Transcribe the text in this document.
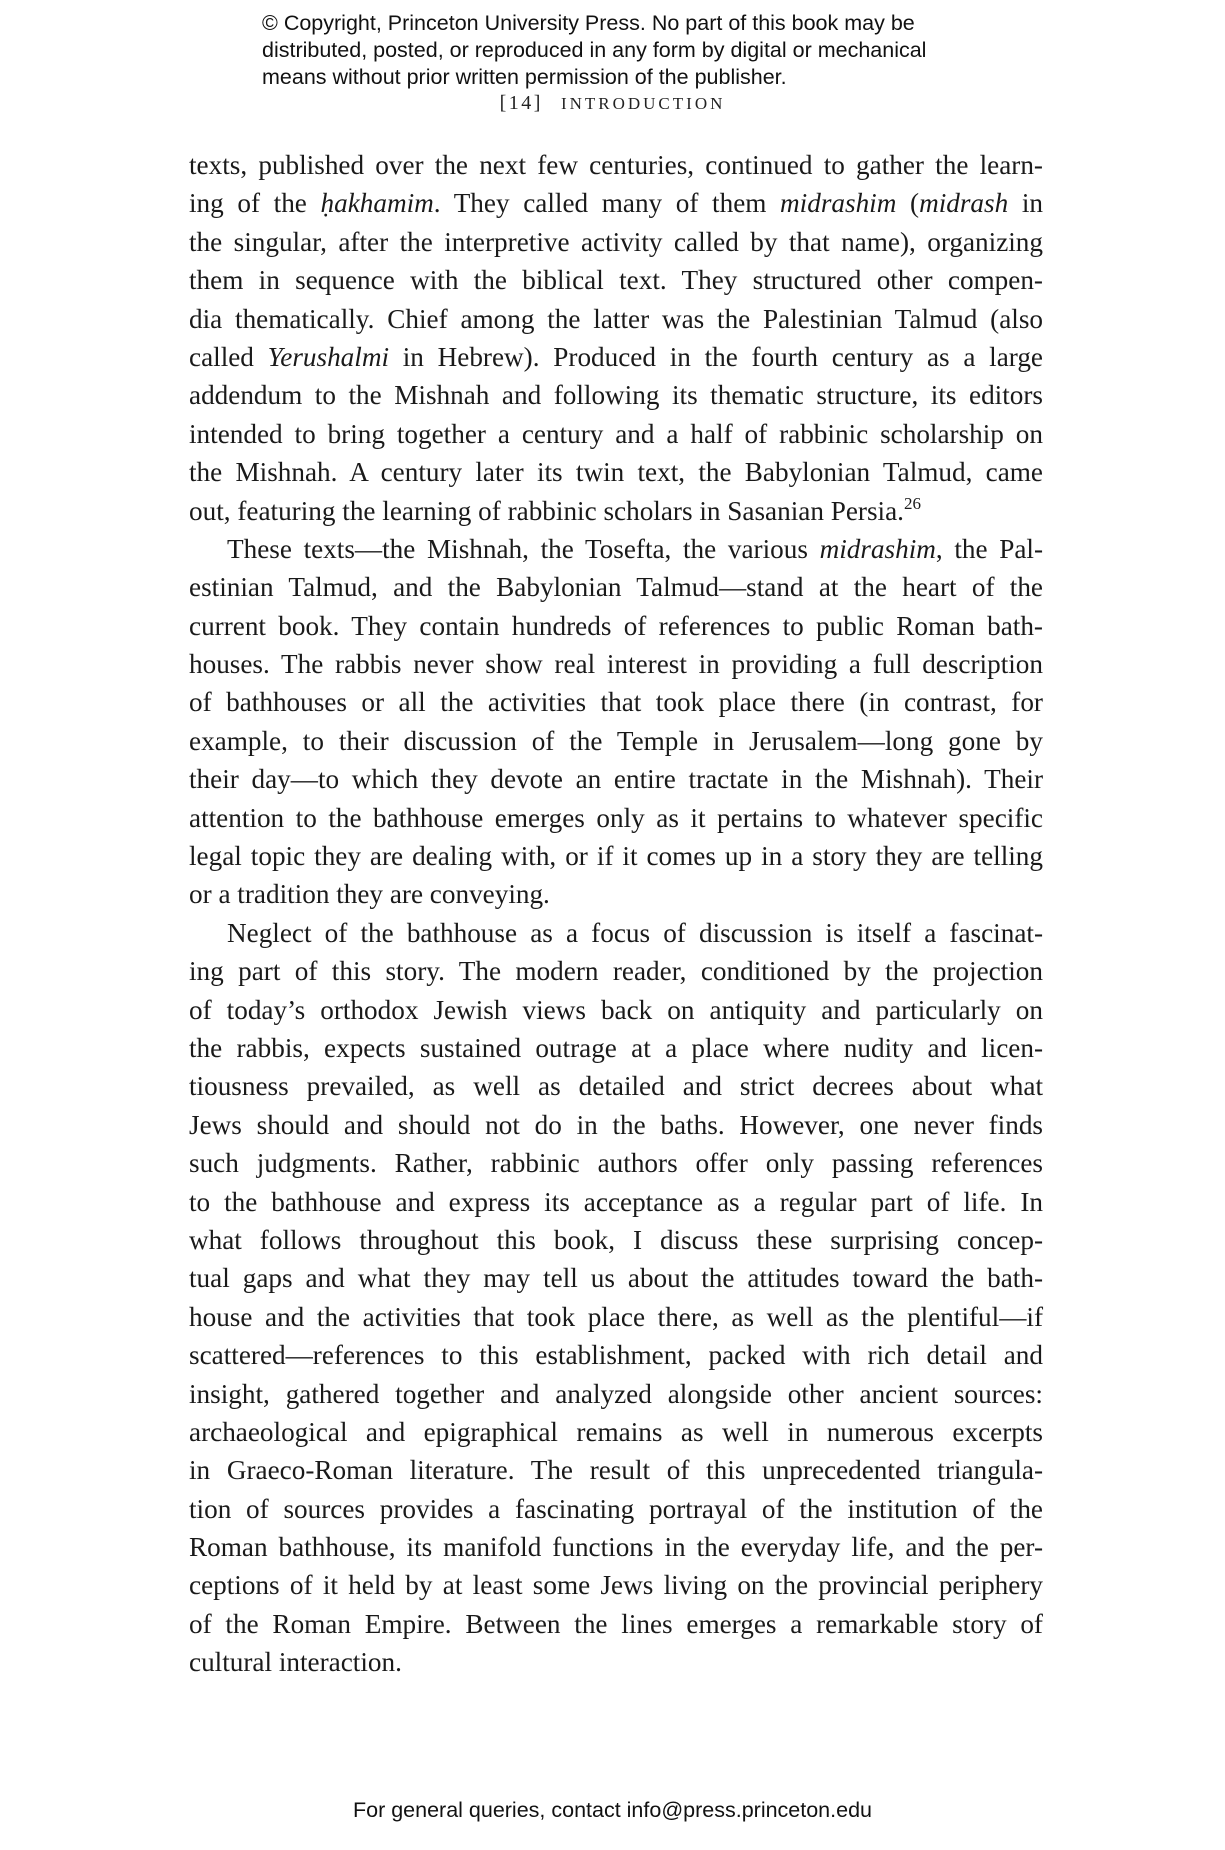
© Copyright, Princeton University Press. No part of this book may be
distributed, posted, or reproduced in any form by digital or mechanical
means without prior written permission of the publisher.
[14] INTRODUCTION
texts, published over the next few centuries, continued to gather the learn-
ing of the ḥakhamim. They called many of them midrashim (midrash in
the singular, after the interpretive activity called by that name), organizing
them in sequence with the biblical text. They structured other compen-
dia thematically. Chief among the latter was the Palestinian Talmud (also
called Yerushalmi in Hebrew). Produced in the fourth century as a large
addendum to the Mishnah and following its thematic structure, its editors
intended to bring together a century and a half of rabbinic scholarship on
the Mishnah. A century later its twin text, the Babylonian Talmud, came
out, featuring the learning of rabbinic scholars in Sasanian Persia.$^{26}$
These texts—the Mishnah, the Tosefta, the various midrashim, the Pal-
estinian Talmud, and the Babylonian Talmud—stand at the heart of the
current book. They contain hundreds of references to public Roman bath-
houses. The rabbis never show real interest in providing a full description
of bathhouses or all the activities that took place there (in contrast, for
example, to their discussion of the Temple in Jerusalem—long gone by
their day—to which they devote an entire tractate in the Mishnah). Their
attention to the bathhouse emerges only as it pertains to whatever specific
legal topic they are dealing with, or if it comes up in a story they are telling
or a tradition they are conveying.
Neglect of the bathhouse as a focus of discussion is itself a fascinat-
ing part of this story. The modern reader, conditioned by the projection
of today’s orthodox Jewish views back on antiquity and particularly on
the rabbis, expects sustained outrage at a place where nudity and licen-
tiousness prevailed, as well as detailed and strict decrees about what
Jews should and should not do in the baths. However, one never finds
such judgments. Rather, rabbinic authors offer only passing references
to the bathhouse and express its acceptance as a regular part of life. In
what follows throughout this book, I discuss these surprising concep-
tual gaps and what they may tell us about the attitudes toward the bath-
house and the activities that took place there, as well as the plentiful—if
scattered—references to this establishment, packed with rich detail and
insight, gathered together and analyzed alongside other ancient sources:
archaeological and epigraphical remains as well in numerous excerpts
in Graeco-Roman literature. The result of this unprecedented triangula-
tion of sources provides a fascinating portrayal of the institution of the
Roman bathhouse, its manifold functions in the everyday life, and the per-
ceptions of it held by at least some Jews living on the provincial periphery
of the Roman Empire. Between the lines emerges a remarkable story of
cultural interaction.
For general queries, contact info@press.princeton.edu
